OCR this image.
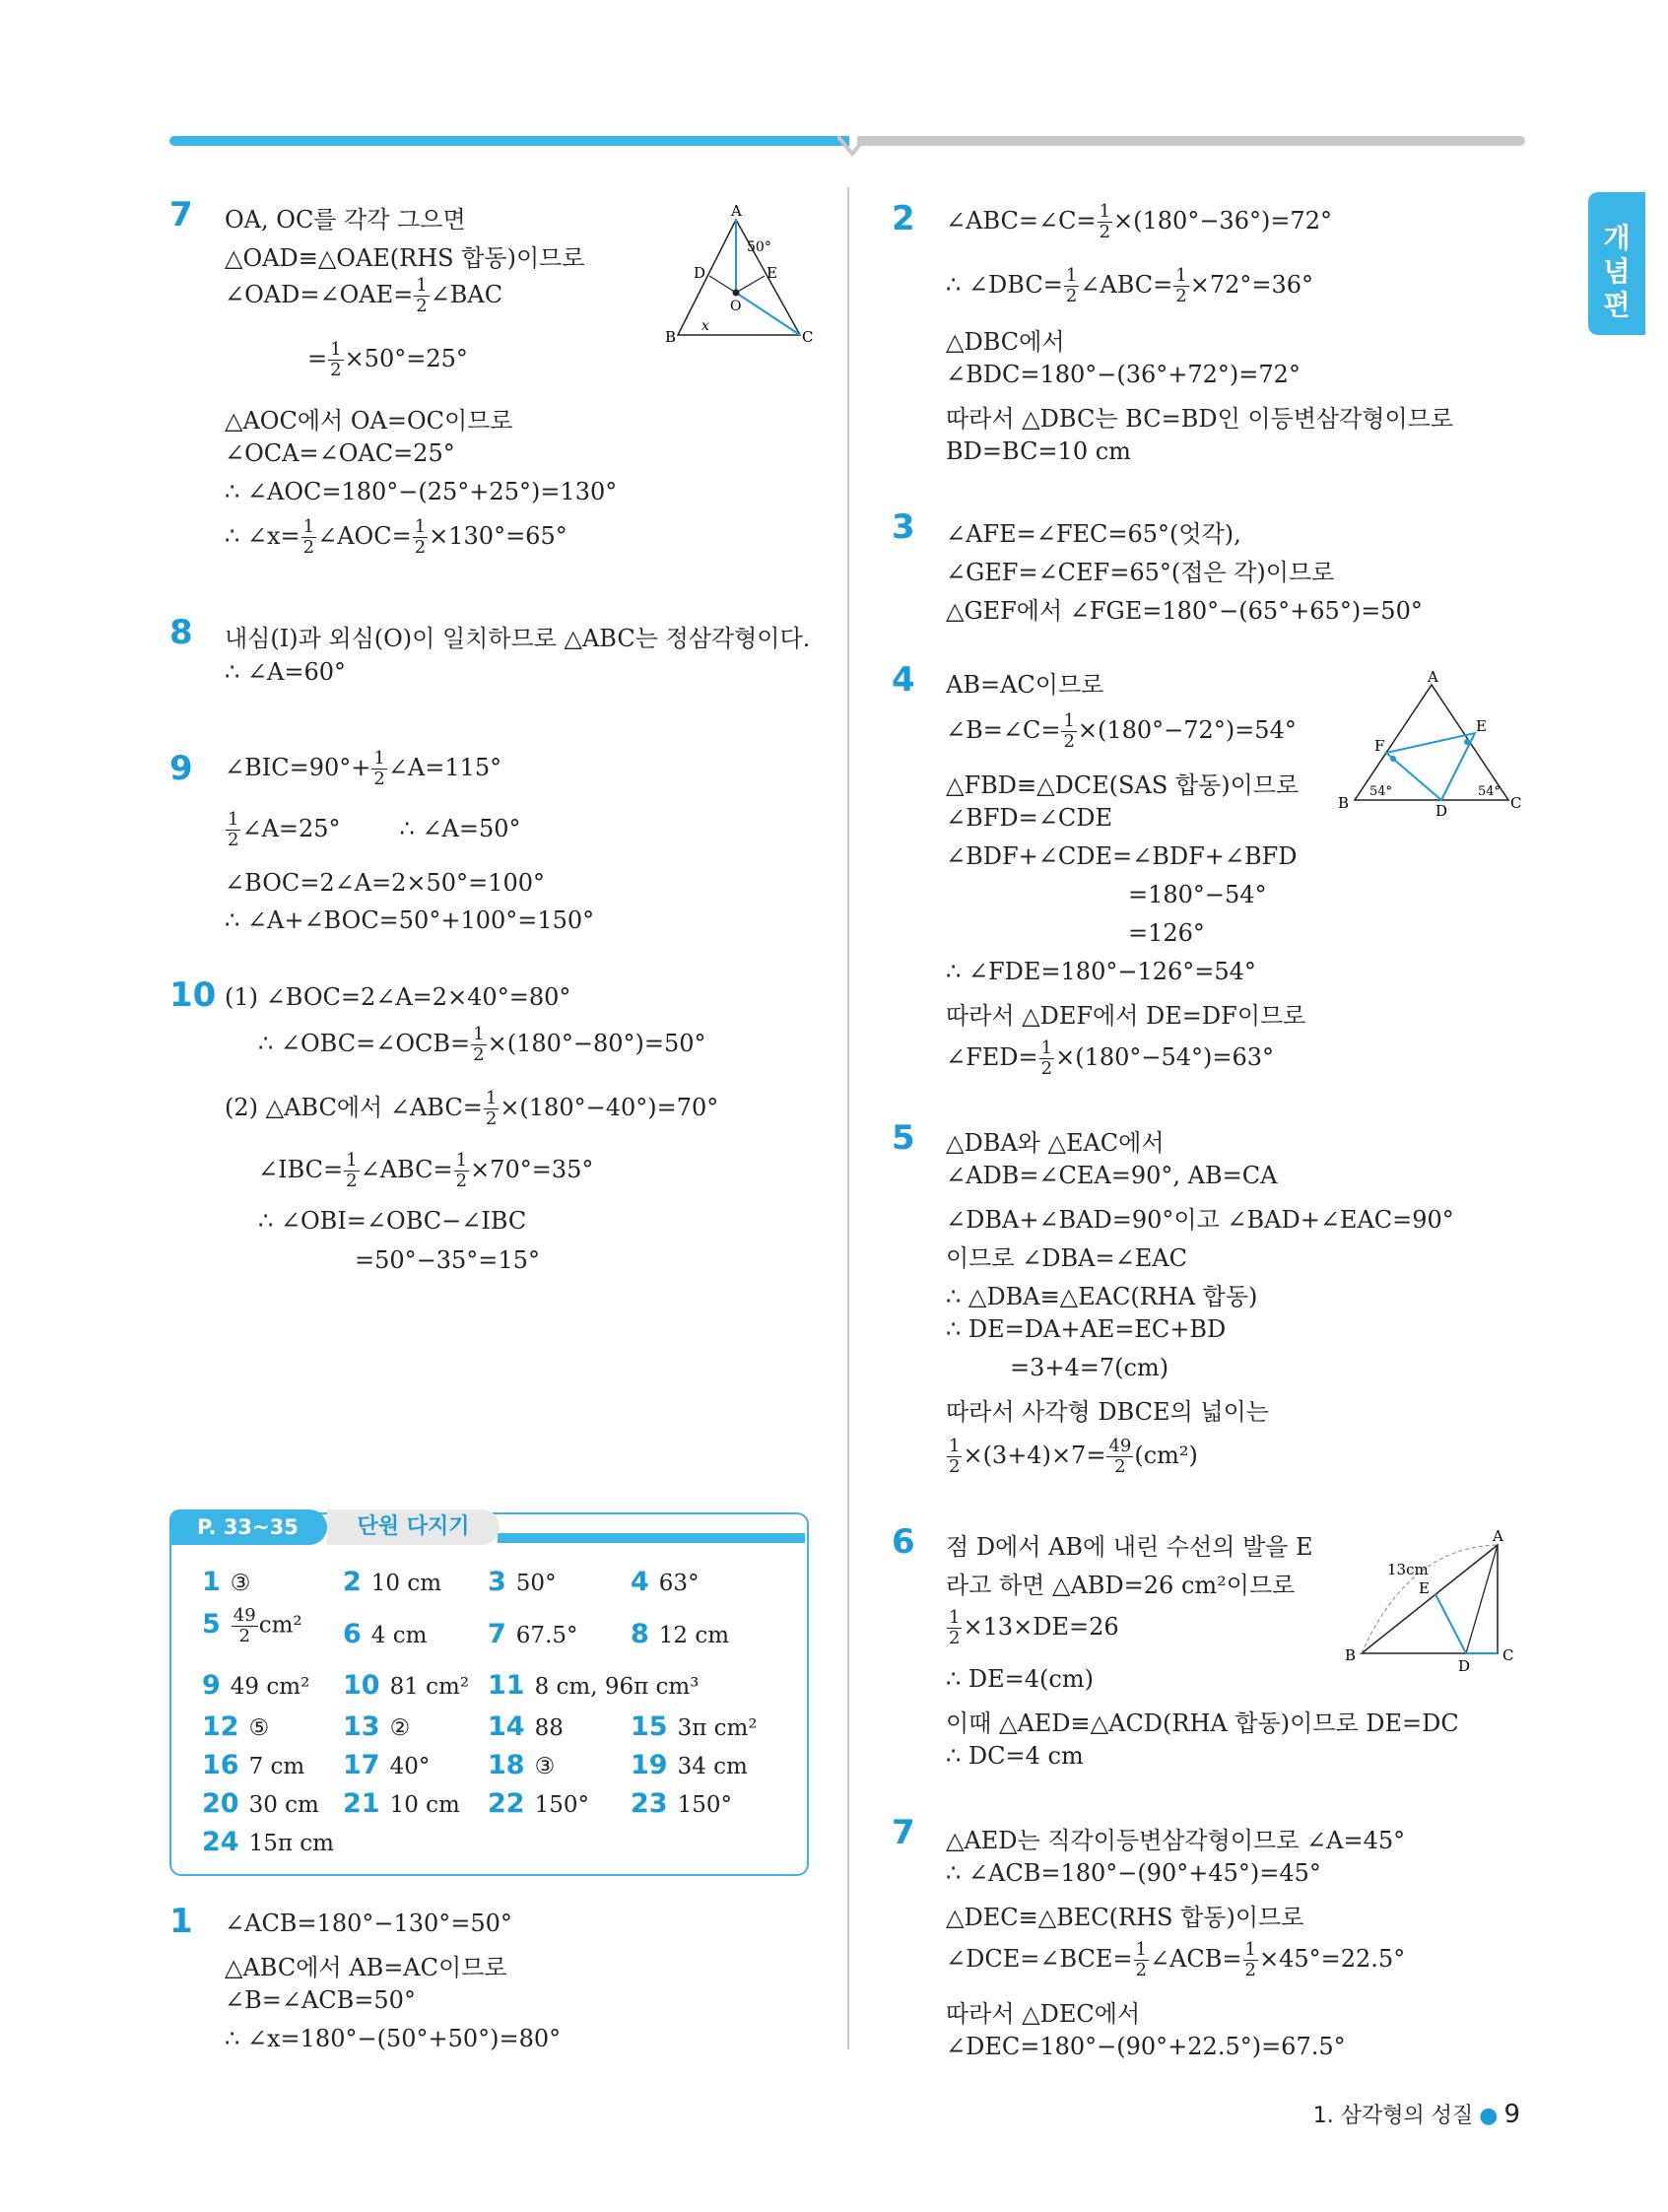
개
념
편
7 OA, OC를 각각 그으면
△OAD≡△OAE(RHS 합동)이므로
∠OAD=∠OAE= $\frac{1}{2}$ ∠BAC
= $\frac{1}{2} \times 50^\circ=25^\circ$
△AOC에서 OA=OC이므로
∠OCA=∠OAC=25°
∴ ∠AOC=180°−(25°+25°)=130°
∴ ∠x= $\frac{1}{2}$ ∠AOC= $\frac{1}{2} \times 130^\circ=65^\circ$
A
B	C
D	E
O
x
50°
8 내심(I)과 외심(O)이 일치하므로 △ABC는 정삼각형이다.
∴ ∠A=60°
9 ∠BIC=90°+ $\frac{1}{2}$ ∠A=115°
$\frac{1}{2}$ ∠A=25°	∴ ∠A=50°
∠BOC=2∠A=2×50°=100°
∴ ∠A+∠BOC=50°+100°=150°
10 (1) ∠BOC=2∠A=2×40°=80°
∴ ∠OBC=∠OCB= $\frac{1}{2} \times(180^\circ-80^\circ)=50^\circ$
(2) △ABC에서 ∠ABC= $\frac{1}{2} \times(180^\circ-40^\circ)=70^\circ$
∠IBC= $\frac{1}{2}$ ∠ABC= $\frac{1}{2} \times 70^\circ=35^\circ$
∴ ∠OBI=∠OBC−∠IBC
=50°−35°=15°
P. 33~35	단원 다지기
1 ③	2 10 cm 3 50°	4 63°
$5 \frac{49}{2} cm^2$ 6 4 cm 7 67.5° 8 12 cm
9 49 cm² 10 81 cm² 11 8 cm, 96π cm³
12 ⑤	13 ②	14 88	15 3π cm²
16 7 cm 17 40° 18 ③	19 34 cm
20 30 cm 21 10 cm 22 150° 23 150°
24 15π cm
1 ∠ACB=180°−130°=50°
△ABC에서 AB=AC이므로
∠B=∠ACB=50°
∴ ∠x=180°−(50°+50°)=80°
2 ∠ABC=∠C= $\frac{1}{2} \times(180^\circ-36^\circ)=72^\circ$
∴ ∠DBC= $\frac{1}{2}$ ∠ABC= $\frac{1}{2} \times 72^\circ=36^\circ$
△DBC에서
∠BDC=180°−(36°+72°)=72°
따라서 △DBC는 BC=BD인 이등변삼각형이므로
BD=BC=10 cm
3 ∠AFE=∠FEC=65°(엇각),
∠GEF=∠CEF=65°(접은 각)이므로
△GEF에서 ∠FGE=180°−(65°+65°)=50°
4 AB=AC이므로
∠B=∠C= $\frac{1}{2} \times(180^\circ-72^\circ)=54^\circ$
△FBD≡△DCE(SAS 합동)이므로
∠BFD=∠CDE
∠BDF+∠CDE=∠BDF+∠BFD
=180°−54°
=126°
∴ ∠FDE=180°−126°=54°
따라서 △DEF에서 DE=DF이므로
∠FED= $\frac{1}{2} \times(180^\circ-54^\circ)=63^\circ$
A
B	C
D
E
F
54°	54°
5 △DBA와 △EAC에서
∠ADB=∠CEA=90°, AB=CA
∠DBA+∠BAD=90°이고 ∠BAD+∠EAC=90°
이므로 ∠DBA=∠EAC
∴ △DBA≡△EAC(RHA 합동)
∴ DE=DA+AE=EC+BD
=3+4=7(cm)
따라서 사각형 DBCE의 넓이는
$\frac{1}{2} \times(3+4)\times 7= \frac{49}{2} (cm^2)$
6 점 D에서 AB에 내린 수선의 발을 E
라고 하면 △ABD=26 cm²이므로
$\frac{1}{2} \times 13\times DE=26$
∴ DE=4(cm)
이때 △AED≡△ACD(RHA 합동)이므로 DE=DC
∴ DC=4 cm
A
B	C
D
E
13cm
7 △AED는 직각이등변삼각형이므로 ∠A=45°
∴ ∠ACB=180°−(90°+45°)=45°
△DEC≡△BEC(RHS 합동)이므로
∠DCE=∠BCE= $\frac{1}{2}$ ∠ACB= $\frac{1}{2} \times 45^\circ=22.5^\circ$
따라서 △DEC에서
∠DEC=180°−(90°+22.5°)=67.5°
1. 삼각형의 성질 ● 9
